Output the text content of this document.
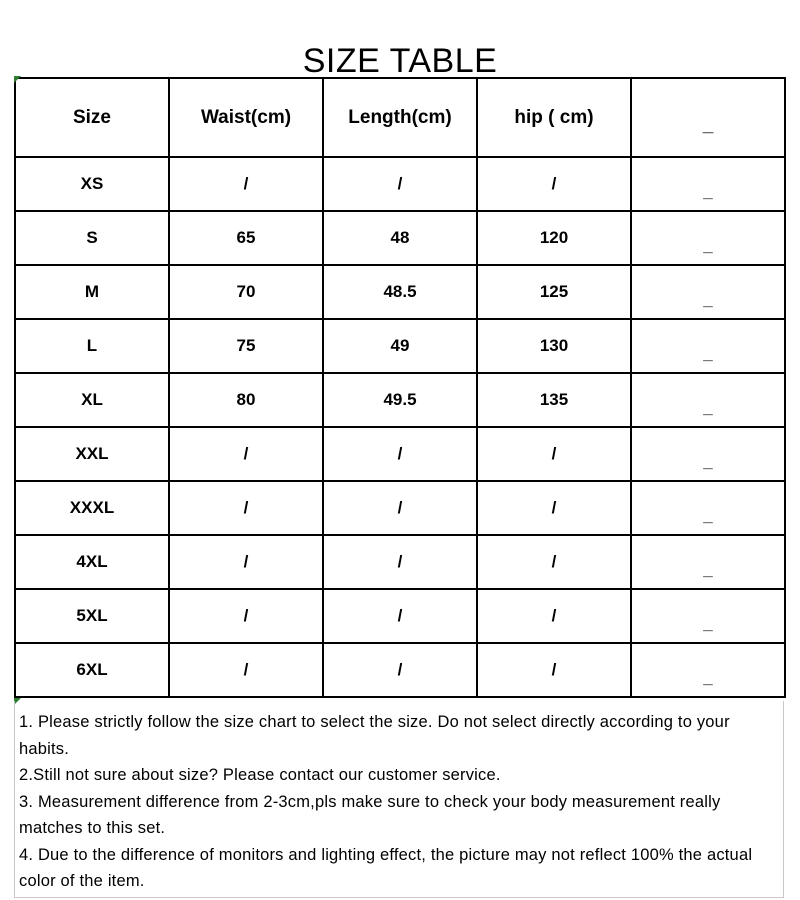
SIZE TABLE
Size	Waist(cm)	Length(cm)	hip ( cm)	_
XS	/	/	/	_
S	65	48	120	_
M	70	48.5	125	_
L	75	49	130	_
XL	80	49.5	135	_
XXL	/	/	/	_
XXXL	/	/	/	_
4XL	/	/	/	_
5XL	/	/	/	_
6XL	/	/	/	_

1. Please strictly follow the size chart to select the size. Do not select directly according to your habits.

2.Still not sure about size? Please contact our customer service.

3. Measurement difference from 2-3cm,pls make sure to check your body measurement really matches to this set.

4. Due to the difference of monitors and lighting effect, the picture may not reflect 100% the actual color of the item.
